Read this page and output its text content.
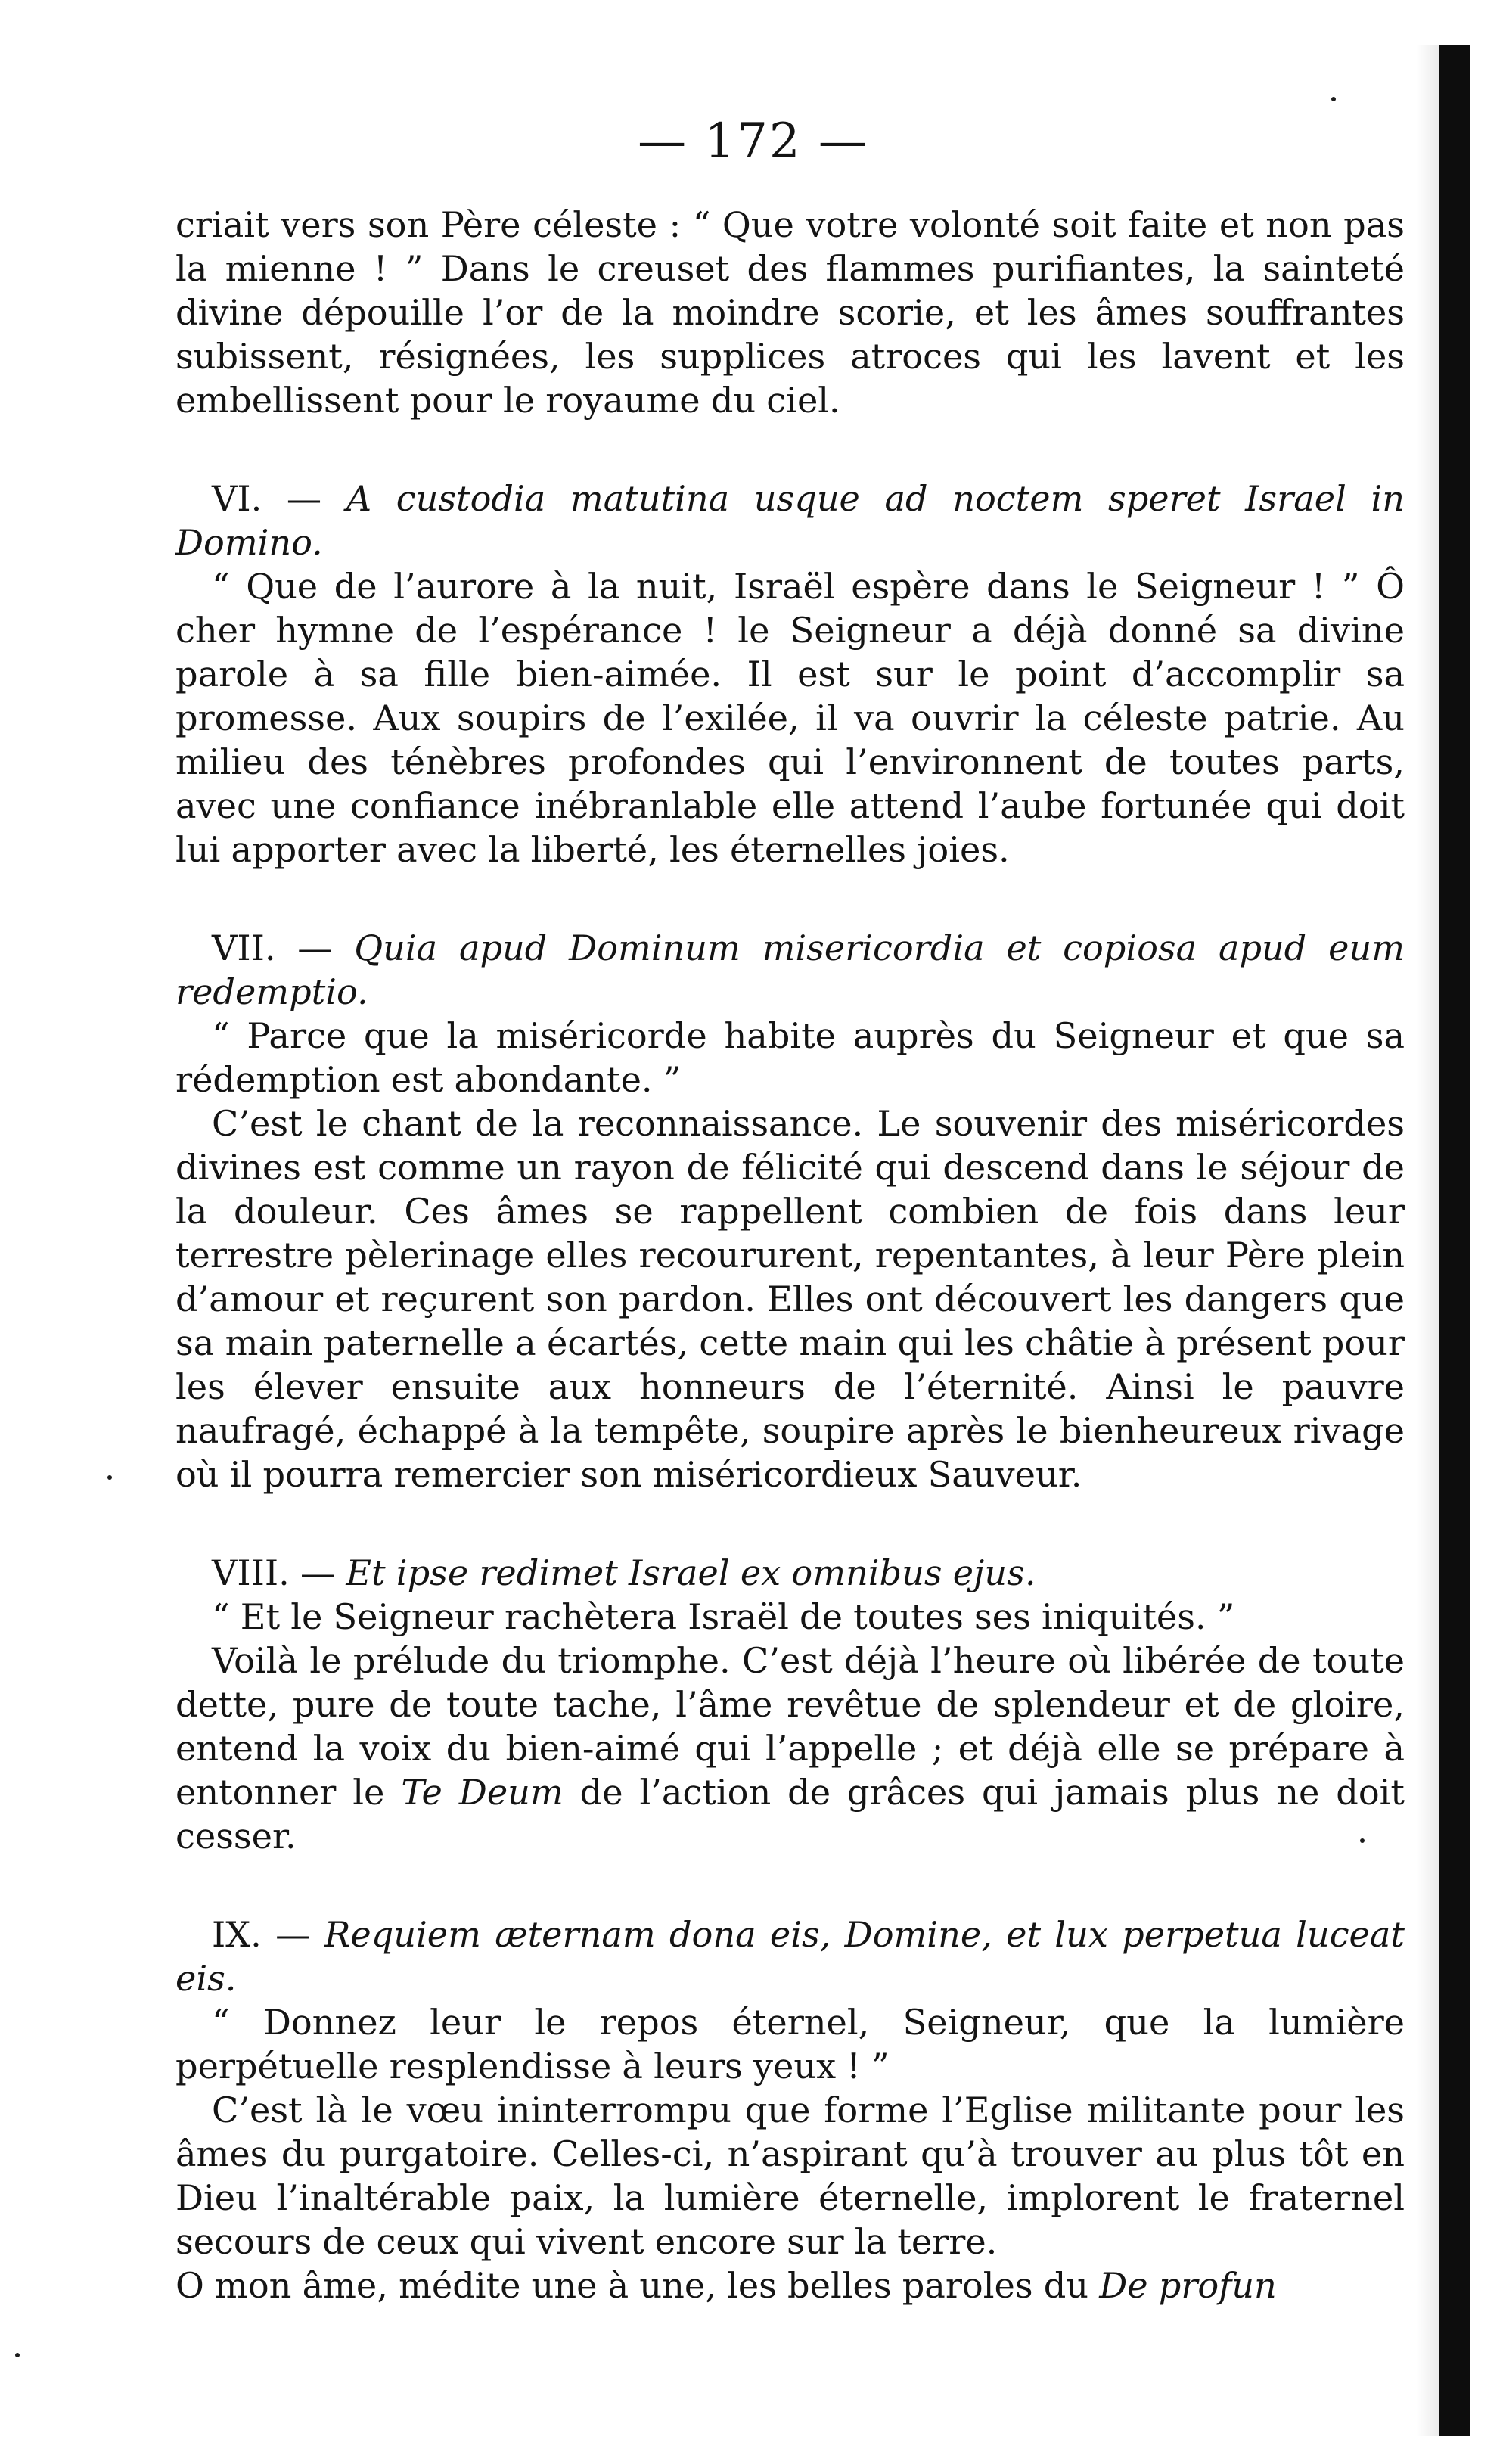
— 172 —

criait vers son Père céleste : “ Que votre volonté soit faite et non pas la mienne ! ” Dans le creuset des flammes purifiantes, la sainteté divine dépouille l’or de la moindre scorie, et les âmes souffrantes subissent, résignées, les supplices atroces qui les lavent et les embellissent pour le royaume du ciel.

VI. — A custodia matutina usque ad noctem speret Israel in Domino.

“ Que de l’aurore à la nuit, Israël espère dans le Seigneur ! ” Ô cher hymne de l’espérance ! le Seigneur a déjà donné sa divine parole à sa fille bien-aimée. Il est sur le point d’accomplir sa promesse. Aux soupirs de l’exilée, il va ouvrir la céleste patrie. Au milieu des ténèbres profondes qui l’environnent de toutes parts, avec une confiance inébranlable elle attend l’aube fortunée qui doit lui apporter avec la liberté, les éternelles joies.

VII. — Quia apud Dominum misericordia et copiosa apud eum redemptio.

“ Parce que la miséricorde habite auprès du Seigneur et que sa rédemption est abondante. ”

C’est le chant de la reconnaissance. Le souvenir des miséricordes divines est comme un rayon de félicité qui descend dans le séjour de la douleur. Ces âmes se rappellent combien de fois dans leur terrestre pèlerinage elles recoururent, repentantes, à leur Père plein d’amour et reçurent son pardon. Elles ont découvert les dangers que sa main paternelle a écartés, cette main qui les châtie à présent pour les élever ensuite aux honneurs de l’éternité. Ainsi le pauvre naufragé, échappé à la tempête, soupire après le bienheureux rivage où il pourra remercier son miséricordieux Sauveur.

VIII. — Et ipse redimet Israel ex omnibus ejus.

“ Et le Seigneur rachètera Israël de toutes ses iniquités. ”

Voilà le prélude du triomphe. C’est déjà l’heure où libérée de toute dette, pure de toute tache, l’âme revêtue de splendeur et de gloire, entend la voix du bien-aimé qui l’appelle ; et déjà elle se prépare à entonner le Te Deum de l’action de grâces qui jamais plus ne doit cesser.

IX. — Requiem æternam dona eis, Domine, et lux perpetua luceat eis.

“ Donnez leur le repos éternel, Seigneur, que la lumière perpétuelle resplendisse à leurs yeux ! ”

C’est là le vœu ininterrompu que forme l’Eglise militante pour les âmes du purgatoire. Celles-ci, n’aspirant qu’à trouver au plus tôt en Dieu l’inaltérable paix, la lumière éternelle, implorent le fraternel secours de ceux qui vivent encore sur la terre.

O mon âme, médite une à une, les belles paroles du De profun
